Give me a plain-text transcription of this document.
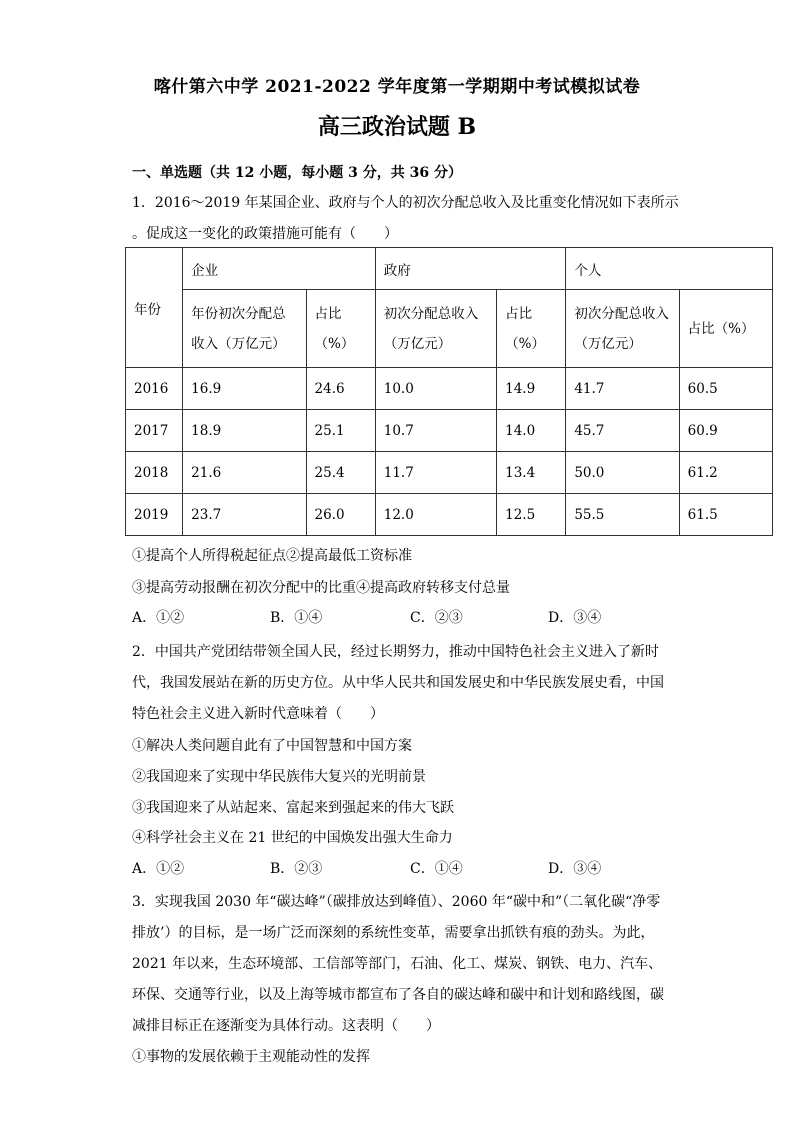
喀什第六中学 2021-2022 学年度第一学期期中考试模拟试卷
高三政治试题 B
一、单选题（共 12 小题，每小题 3 分，共 36 分）
1．2016～2019 年某国企业、政府与个人的初次分配总收入及比重变化情况如下表所示
。促成这一变化的政策措施可能有（　　）
年份	企业		政府		个人	
	年份初次分配总收入（万亿元）	占比（%）	初次分配总收入（万亿元）	占比（%）	初次分配总收入（万亿元）	占比（%）
2016	16.9	24.6	10.0	14.9	41.7	60.5
2017	18.9	25.1	10.7	14.0	45.7	60.9
2018	21.6	25.4	11.7	13.4	50.0	61.2
2019	23.7	26.0	12.0	12.5	55.5	61.5
①提高个人所得税起征点②提高最低工资标准
③提高劳动报酬在初次分配中的比重④提高政府转移支付总量
A．①②	B．①④	C．②③	D．③④
2．中国共产党团结带领全国人民，经过长期努力，推动中国特色社会主义进入了新时
代，我国发展站在新的历史方位。从中华人民共和国发展史和中华民族发展史看，中国
特色社会主义进入新时代意味着（　　）
①解决人类问题自此有了中国智慧和中国方案
②我国迎来了实现中华民族伟大复兴的光明前景
③我国迎来了从站起来、富起来到强起来的伟大飞跃
④科学社会主义在 21 世纪的中国焕发出强大生命力
A．①②	B．②③	C．①④	D．③④
3．实现我国 2030 年“碳达峰”（碳排放达到峰值）、2060 年“碳中和”（二氧化碳“净零
排放’）的目标，是一场广泛而深刻的系统性变革，需要拿出抓铁有痕的劲头。为此，
2021 年以来，生态环境部、工信部等部门，石油、化工、煤炭、钢铁、电力、汽车、
环保、交通等行业，以及上海等城市都宣布了各自的碳达峰和碳中和计划和路线图，碳
减排目标正在逐渐变为具体行动。这表明（　　）
①事物的发展依赖于主观能动性的发挥
